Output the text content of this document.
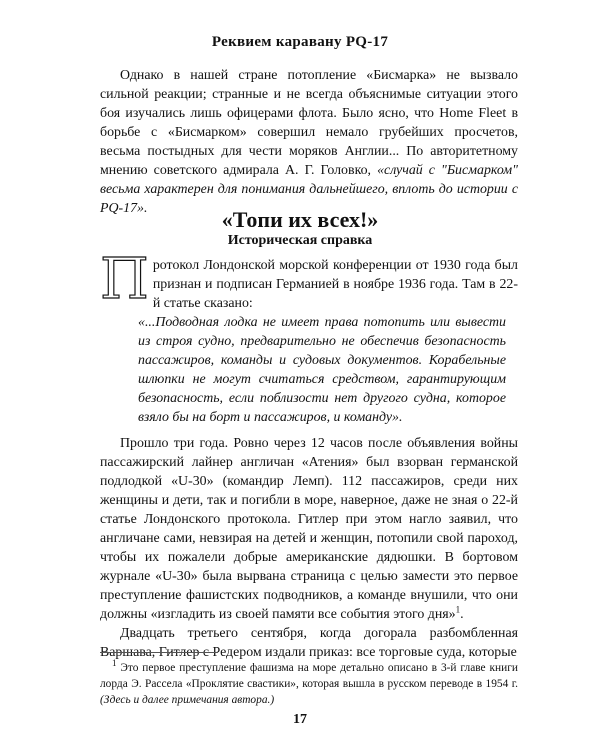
Реквием каравану PQ-17

Однако в нашей стране потопление «Бисмарка» не вызвало сильной реакции; странные и не всегда объяснимые ситуации этого боя изучались лишь офицерами флота. Было ясно, что Home Fleet в борьбе с «Бисмарком» совершил немало грубейших просчетов, весьма постыдных для чести моряков Англии... По авторитетному мнению советского адмирала А. Г. Головко, «случай с "Бисмарком" весьма характерен для понимания дальнейшего, вплоть до истории с PQ-17».	«Топи их всех!»
Историческая справка
П ротокол Лондонской морской конференции от 1930 года был признан и подписан Германией в ноябре 1936 года. Там в 22-й статье сказано:

«...Подводная лодка не имеет права потопить или вывести из строя судно, предварительно не обеспечив безопасность пассажиров, команды и судовых документов. Корабельные шлюпки не могут считаться средством, гарантирующим безопасность, если поблизости нет другого судна, которое взяло бы на борт и пассажиров, и команду».

Прошло три года. Ровно через 12 часов после объявления войны пассажирский лайнер англичан «Атения» был взорван германской подлодкой «U-30» (командир Лемп). 112 пассажиров, среди них женщины и дети, так и погибли в море, наверное, даже не зная о 22-й статье Лондонского протокола. Гитлер при этом нагло заявил, что англичане сами, невзирая на детей и женщин, потопили свой пароход, чтобы их пожалели добрые американские дядюшки. В бортовом журнале «U-30» была вырвана страница с целью замести это первое преступление фашистских подводников, а команде внушили, что они должны «изгладить из своей памяти все события этого дня»$^1$.

Двадцать третьего сентября, когда догорала разбомбленная Варшава, Гитлер с Редером издали приказ: все торговые суда, которые

$^1$ Это первое преступление фашизма на море детально описано в 3-й главе книги лорда Э. Рассела «Проклятие свастики», которая вышла в русском переводе в 1954 г. (Здесь и далее примечания автора.)

17
